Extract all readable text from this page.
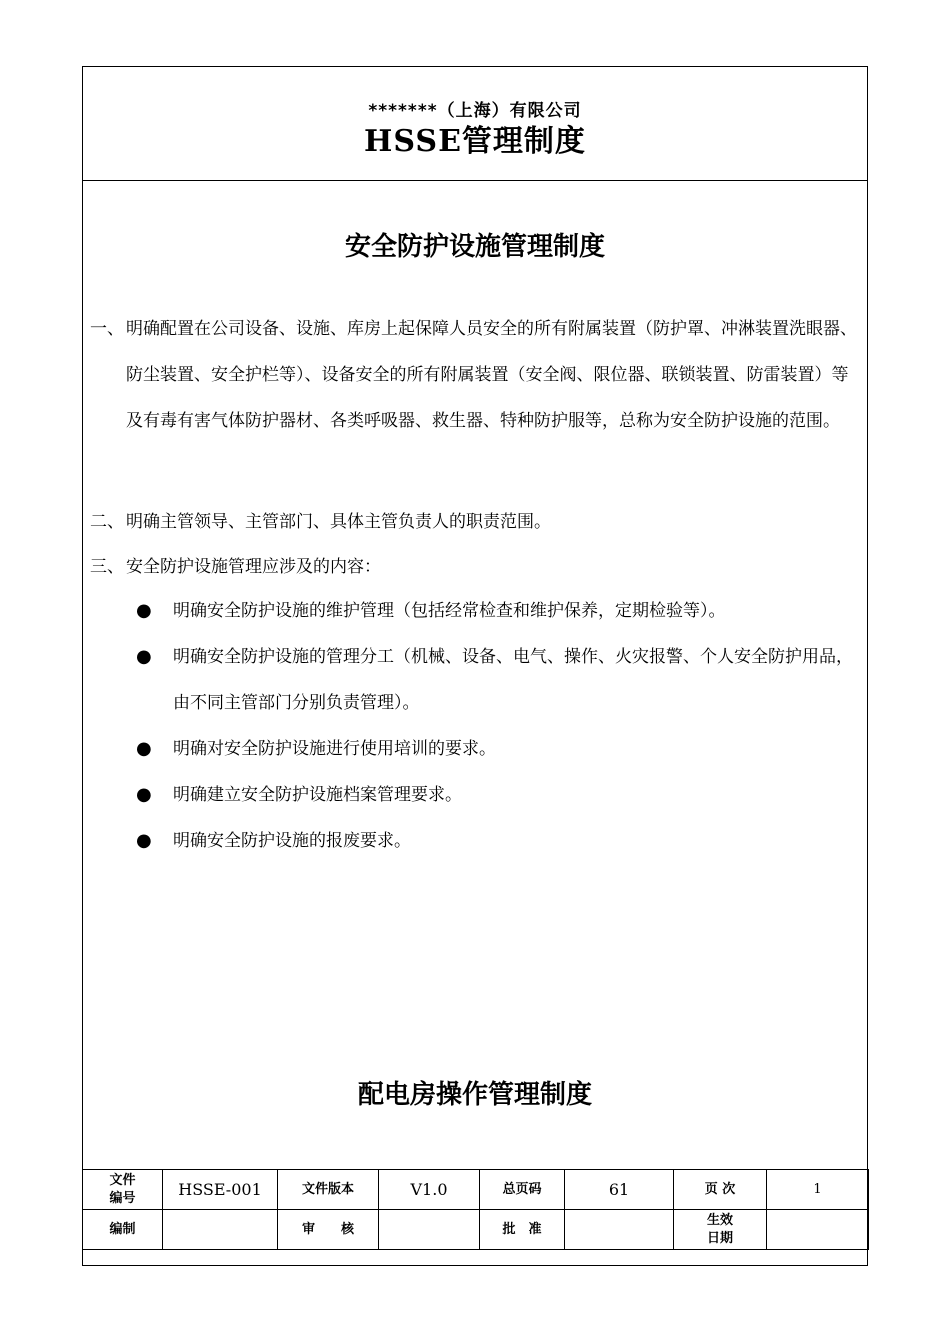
*******（上海）有限公司
HSSE管理制度
安全防护设施管理制度
一、 明确配置在公司设备、设施、库房上起保障人员安全的所有附属装置（防护罩、冲淋装置洗眼器、防尘装置、安全护栏等）、设备安全的所有附属装置（安全阀、限位器、联锁装置、防雷装置）等及有毒有害气体防护器材、各类呼吸器、救生器、特种防护服等，总称为安全防护设施的范围。
二、 明确主管领导、主管部门、具体主管负责人的职责范围。
三、 安全防护设施管理应涉及的内容：
● 明确安全防护设施的维护管理（包括经常检查和维护保养，定期检验等）。
● 明确安全防护设施的管理分工（机械、设备、电气、操作、火灾报警、个人安全防护用品，由不同主管部门分别负责管理）。
● 明确对安全防护设施进行使用培训的要求。
● 明确建立安全防护设施档案管理要求。
● 明确安全防护设施的报废要求。
配电房操作管理制度
文件
编号	HSSE-001	文件版本	V1.0	总页码	61	页 次	1
编制		审　　核		批　准		生效
日期	
